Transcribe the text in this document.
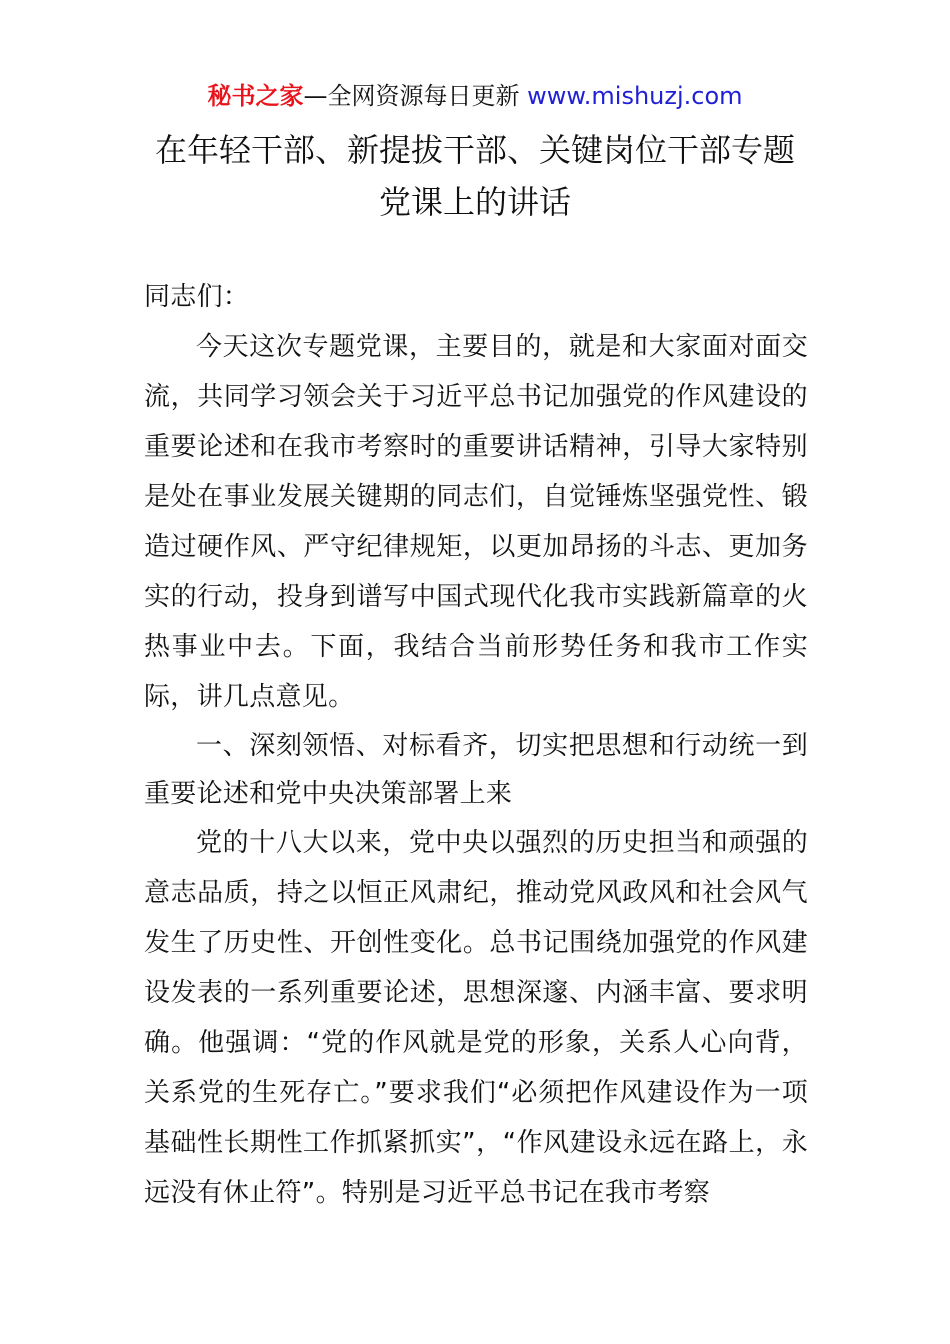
秘书之家—全网资源每日更新 www.mishuzj.com
在年轻干部、新提拔干部、关键岗位干部专题
党课上的讲话

同志们：

今天这次专题党课，主要目的，就是和大家面对面交流，共同学习领会关于习近平总书记加强党的作风建设的重要论述和在我市考察时的重要讲话精神，引导大家特别是处在事业发展关键期的同志们，自觉锤炼坚强党性、锻造过硬作风、严守纪律规矩，以更加昂扬的斗志、更加务实的行动，投身到谱写中国式现代化我市实践新篇章的火热事业中去。下面，我结合当前形势任务和我市工作实际，讲几点意见。

一、深刻领悟、对标看齐，切实把思想和行动统一到重要论述和党中央决策部署上来

党的十八大以来，党中央以强烈的历史担当和顽强的意志品质，持之以恒正风肃纪，推动党风政风和社会风气发生了历史性、开创性变化。总书记围绕加强党的作风建设发表的一系列重要论述，思想深邃、内涵丰富、要求明确。他强调：“党的作风就是党的形象，关系人心向背，关系党的生死存亡。”要求我们“必须把作风建设作为一项基础性长期性工作抓紧抓实”，“作风建设永远在路上，永远没有休止符”。特别是习近平总书记在我市考察
